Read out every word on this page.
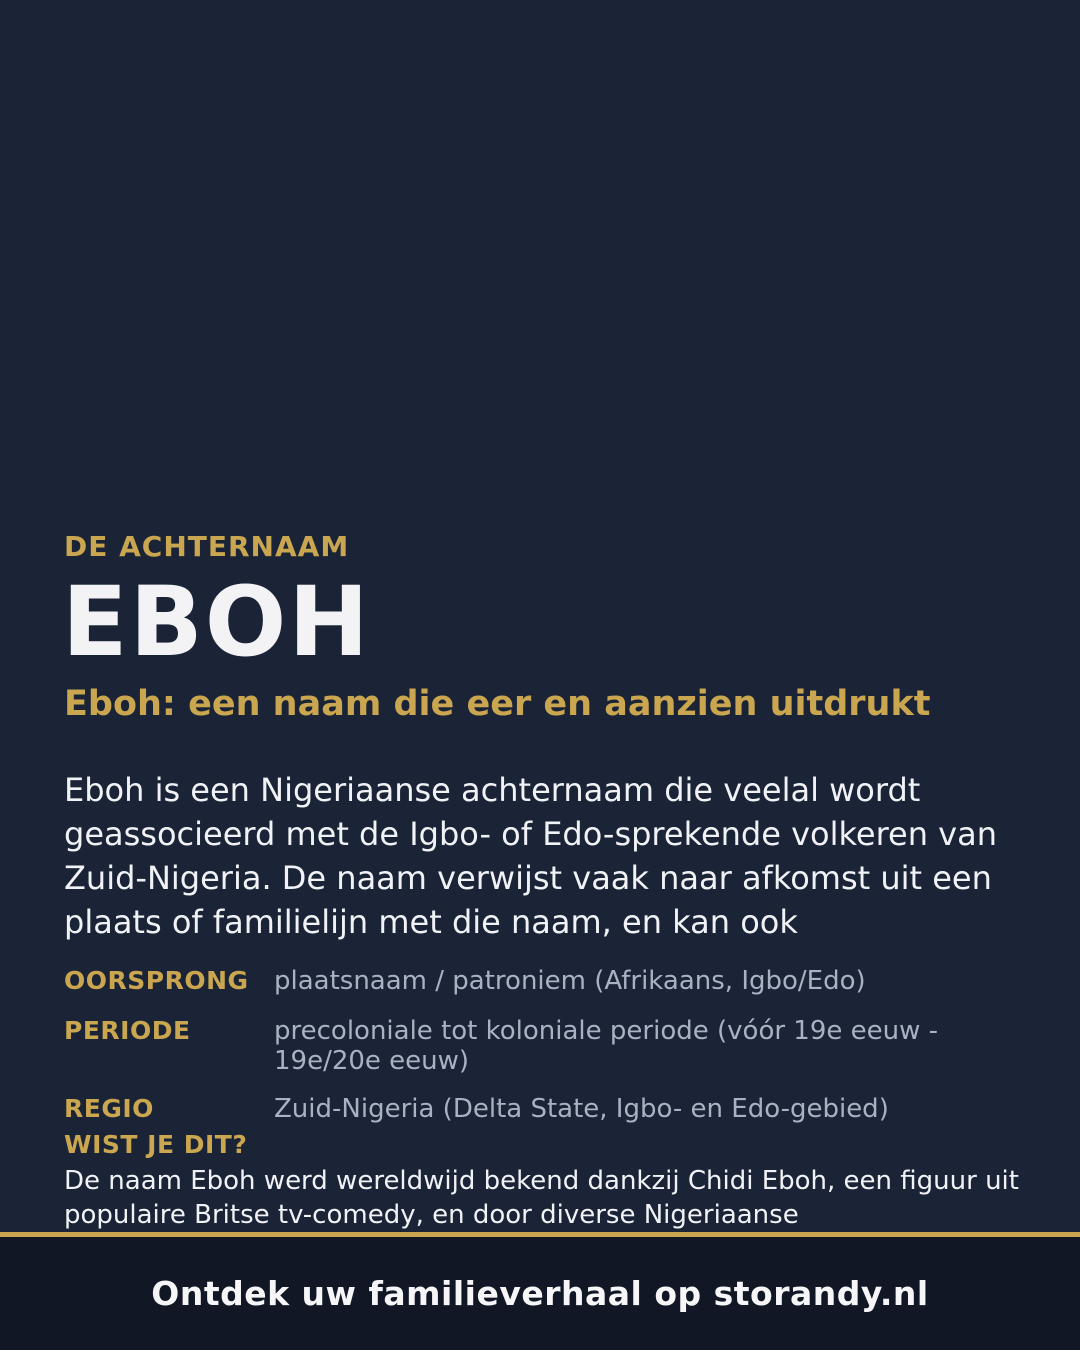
DE ACHTERNAAM
EBOH
Eboh: een naam die eer en aanzien uitdrukt
Eboh is een Nigeriaanse achternaam die veelal wordt geassocieerd met de Igbo- of Edo-sprekende volkeren van Zuid-Nigeria. De naam verwijst vaak naar afkomst uit een plaats of familielijn met die naam, en kan ook
OORSPRONG plaatsnaam / patroniem (Afrikaans, Igbo/Edo)
PERIODE	precoloniale tot koloniale periode (vóór 19e eeuw - 19e/20e eeuw)
REGIO	Zuid-Nigeria (Delta State, Igbo- en Edo-gebied)
WIST JE DIT?
De naam Eboh werd wereldwijd bekend dankzij Chidi Eboh, een figuur uit populaire Britse tv-comedy, en door diverse Nigeriaanse
Ontdek uw familieverhaal op storandy.nl
